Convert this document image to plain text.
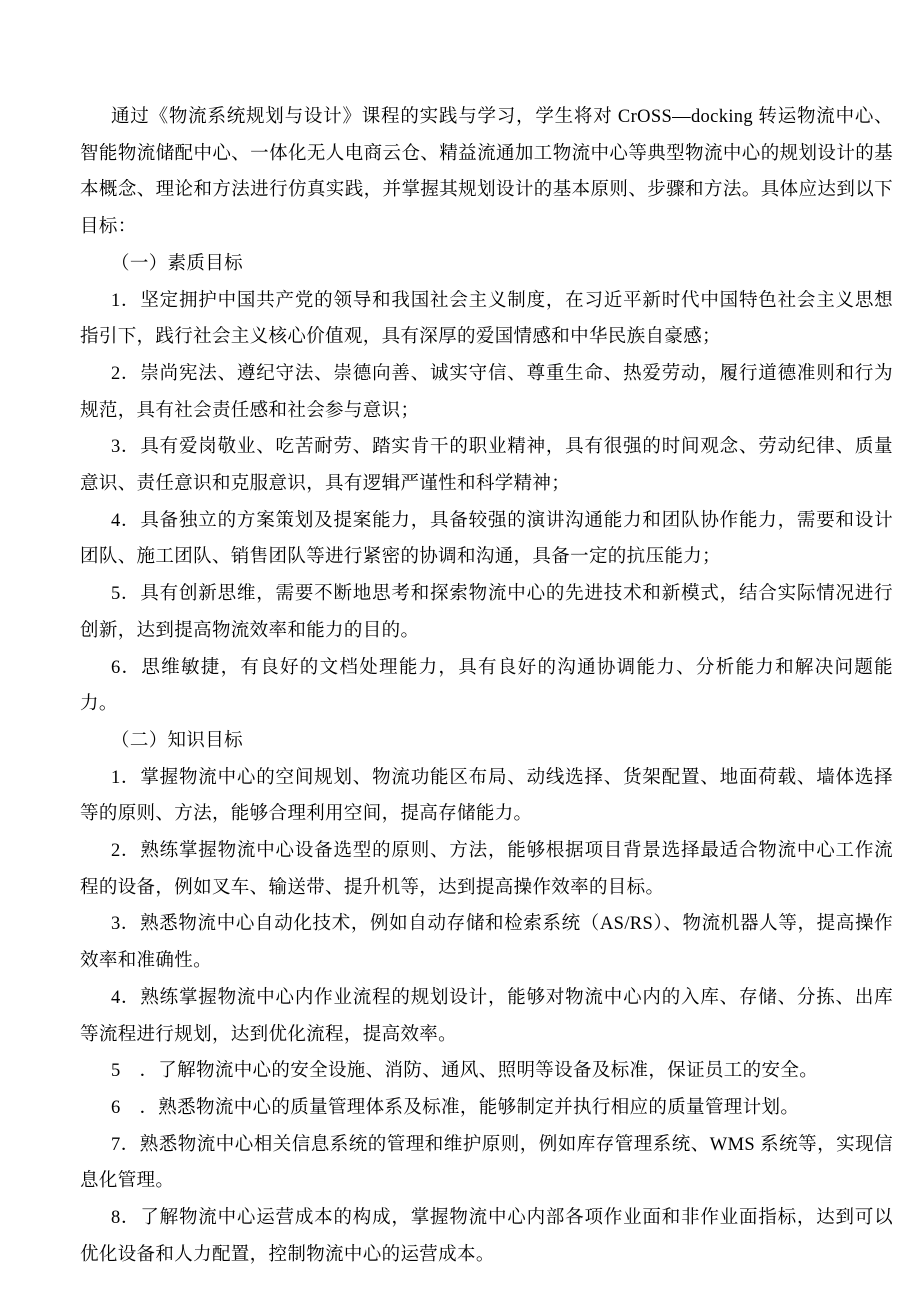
通过《物流系统规划与设计》课程的实践与学习，学生将对 CrOSS—docking 转运物流中心、智能物流储配中心、一体化无人电商云仓、精益流通加工物流中心等典型物流中心的规划设计的基本概念、理论和方法进行仿真实践，并掌握其规划设计的基本原则、步骤和方法。具体应达到以下目标：

（一）素质目标

1．坚定拥护中国共产党的领导和我国社会主义制度，在习近平新时代中国特色社会主义思想指引下，践行社会主义核心价值观，具有深厚的爱国情感和中华民族自豪感；

2．崇尚宪法、遵纪守法、崇德向善、诚实守信、尊重生命、热爱劳动，履行道德准则和行为规范，具有社会责任感和社会参与意识；

3．具有爱岗敬业、吃苦耐劳、踏实肯干的职业精神，具有很强的时间观念、劳动纪律、质量意识、责任意识和克服意识，具有逻辑严谨性和科学精神；

4．具备独立的方案策划及提案能力，具备较强的演讲沟通能力和团队协作能力，需要和设计团队、施工团队、销售团队等进行紧密的协调和沟通，具备一定的抗压能力；

5．具有创新思维，需要不断地思考和探索物流中心的先进技术和新模式，结合实际情况进行创新，达到提高物流效率和能力的目的。

6．思维敏捷，有良好的文档处理能力，具有良好的沟通协调能力、分析能力和解决问题能力。

（二）知识目标

1．掌握物流中心的空间规划、物流功能区布局、动线选择、货架配置、地面荷载、墙体选择等的原则、方法，能够合理利用空间，提高存储能力。

2．熟练掌握物流中心设备选型的原则、方法，能够根据项目背景选择最适合物流中心工作流程的设备，例如叉车、输送带、提升机等，达到提高操作效率的目标。

3．熟悉物流中心自动化技术，例如自动存储和检索系统（AS/RS）、物流机器人等，提高操作效率和准确性。

4．熟练掌握物流中心内作业流程的规划设计，能够对物流中心内的入库、存储、分拣、出库等流程进行规划，达到优化流程，提高效率。

5　．了解物流中心的安全设施、消防、通风、照明等设备及标准，保证员工的安全。

6　．熟悉物流中心的质量管理体系及标准，能够制定并执行相应的质量管理计划。

7．熟悉物流中心相关信息系统的管理和维护原则，例如库存管理系统、WMS 系统等，实现信息化管理。

8．了解物流中心运营成本的构成，掌握物流中心内部各项作业面和非作业面指标，达到可以优化设备和人力配置，控制物流中心的运营成本。
